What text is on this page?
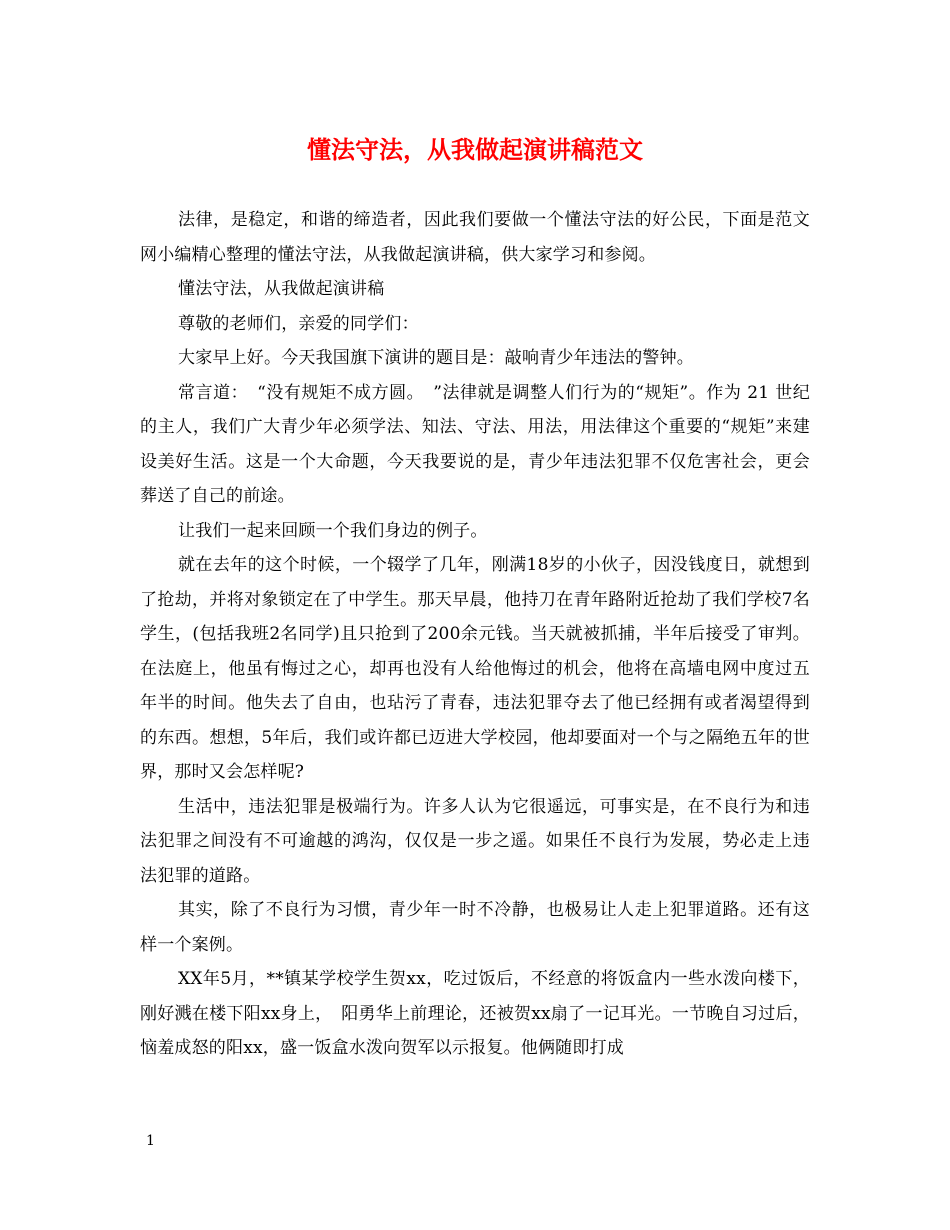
懂法守法，从我做起演讲稿范文

法律，是稳定，和谐的缔造者，因此我们要做一个懂法守法的好公民，下面是范文网小编精心整理的懂法守法，从我做起演讲稿，供大家学习和参阅。

懂法守法，从我做起演讲稿

尊敬的老师们，亲爱的同学们：

大家早上好。今天我国旗下演讲的题目是：敲响青少年违法的警钟。

常言道：　“没有规矩不成方圆。　”法律就是调整人们行为的“规矩”。作为 21 世纪的主人，我们广大青少年必须学法、知法、守法、用法，用法律这个重要的“规矩”来建设美好生活。这是一个大命题，今天我要说的是，青少年违法犯罪不仅危害社会，更会葬送了自己的前途。

让我们一起来回顾一个我们身边的例子。

就在去年的这个时候，一个辍学了几年，刚满18岁的小伙子，因没钱度日，就想到了抢劫，并将对象锁定在了中学生。那天早晨，他持刀在青年路附近抢劫了我们学校7名学生，(包括我班2名同学)且只抢到了200余元钱。当天就被抓捕，半年后接受了审判。在法庭上，他虽有悔过之心，却再也没有人给他悔过的机会，他将在高墙电网中度过五年半的时间。他失去了自由，也玷污了青春，违法犯罪夺去了他已经拥有或者渴望得到的东西。想想，5年后，我们或许都已迈进大学校园，他却要面对一个与之隔绝五年的世界，那时又会怎样呢?

生活中，违法犯罪是极端行为。许多人认为它很遥远，可事实是，在不良行为和违法犯罪之间没有不可逾越的鸿沟，仅仅是一步之遥。如果任不良行为发展，势必走上违法犯罪的道路。

其实，除了不良行为习惯，青少年一时不冷静，也极易让人走上犯罪道路。还有这样一个案例。

XX年5月，**镇某学校学生贺xx，吃过饭后，不经意的将饭盒内一些水泼向楼下，刚好溅在楼下阳xx身上，　阳勇华上前理论，还被贺xx扇了一记耳光。一节晚自习过后，恼羞成怒的阳xx，盛一饭盒水泼向贺军以示报复。他俩随即打成

1
